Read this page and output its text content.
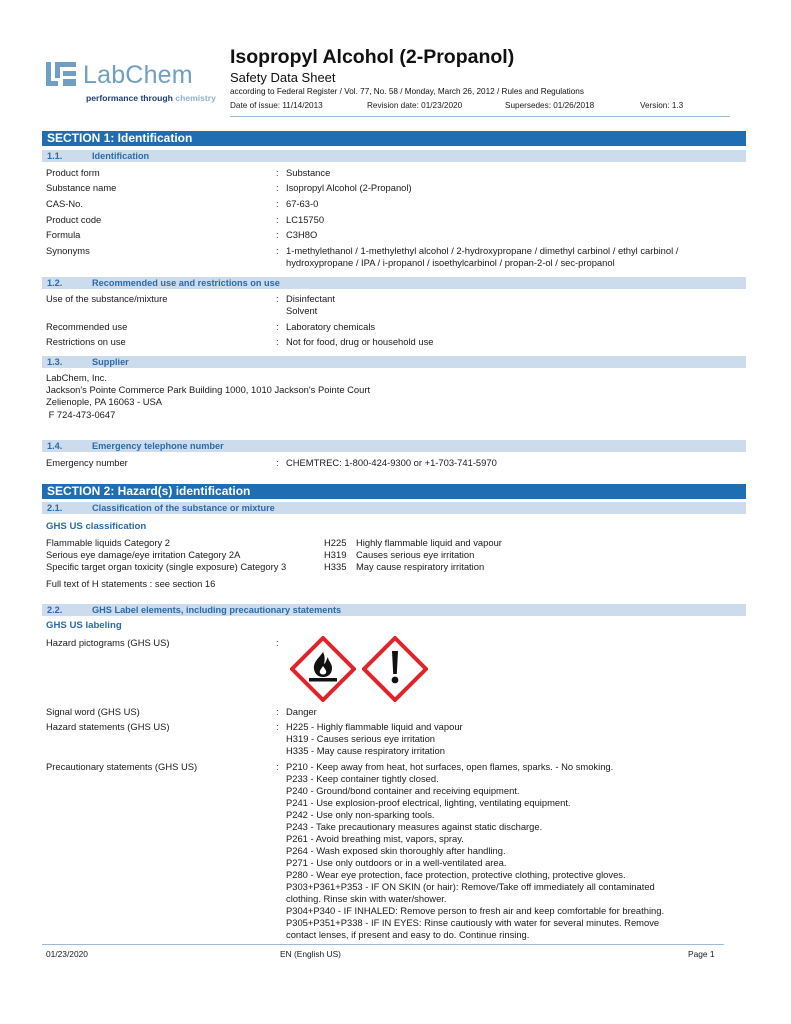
LabChem
performance through chemistry
Isopropyl Alcohol (2-Propanol)
Safety Data Sheet
according to Federal Register / Vol. 77, No. 58 / Monday, March 26, 2012 / Rules and Regulations
Date of issue: 11/14/2013	Revision date: 01/23/2020	Supersedes: 01/26/2018	Version: 1.3
SECTION 1: Identification
1.1.	Identification
Product form	: Substance
Substance name	: Isopropyl Alcohol (2-Propanol)
CAS-No.	: 67-63-0
Product code	: LC15750
Formula	: C3H8O
Synonyms	: 1-methylethanol / 1-methylethyl alcohol / 2-hydroxypropane / dimethyl carbinol / ethyl carbinol /
hydroxypropane / IPA / i-propanol / isoethylcarbinol / propan-2-ol / sec-propanol
1.2.	Recommended use and restrictions on use
Use of the substance/mixture	: Disinfectant
Solvent
Recommended use	: Laboratory chemicals
Restrictions on use	: Not for food, drug or household use
1.3.	Supplier
LabChem, Inc.
Jackson's Pointe Commerce Park Building 1000, 1010 Jackson's Pointe Court
Zelienople, PA 16063 - USA
F 724-473-0647
1.4.	Emergency telephone number
Emergency number	: CHEMTREC: 1-800-424-9300 or +1-703-741-5970
SECTION 2: Hazard(s) identification
2.1.	Classification of the substance or mixture
GHS US classification
Flammable liquids Category 2	H225 Highly flammable liquid and vapour
Serious eye damage/eye irritation Category 2A	H319 Causes serious eye irritation
Specific target organ toxicity (single exposure) Category 3	H335 May cause respiratory irritation
Full text of H statements : see section 16
2.2.	GHS Label elements, including precautionary statements
GHS US labeling
Hazard pictograms (GHS US)	:
Signal word (GHS US)	: Danger
Hazard statements (GHS US)	: H225 - Highly flammable liquid and vapour
H319 - Causes serious eye irritation
H335 - May cause respiratory irritation
Precautionary statements (GHS US)	: P210 - Keep away from heat, hot surfaces, open flames, sparks. - No smoking.
P233 - Keep container tightly closed.
P240 - Ground/bond container and receiving equipment.
P241 - Use explosion-proof electrical, lighting, ventilating equipment.
P242 - Use only non-sparking tools.
P243 - Take precautionary measures against static discharge.
P261 - Avoid breathing mist, vapors, spray.
P264 - Wash exposed skin thoroughly after handling.
P271 - Use only outdoors or in a well-ventilated area.
P280 - Wear eye protection, face protection, protective clothing, protective gloves.
P303+P361+P353 - IF ON SKIN (or hair): Remove/Take off immediately all contaminated
clothing. Rinse skin with water/shower.
P304+P340 - IF INHALED: Remove person to fresh air and keep comfortable for breathing.
P305+P351+P338 - IF IN EYES: Rinse cautiously with water for several minutes. Remove
contact lenses, if present and easy to do. Continue rinsing.
01/23/2020	EN (English US)	Page 1
